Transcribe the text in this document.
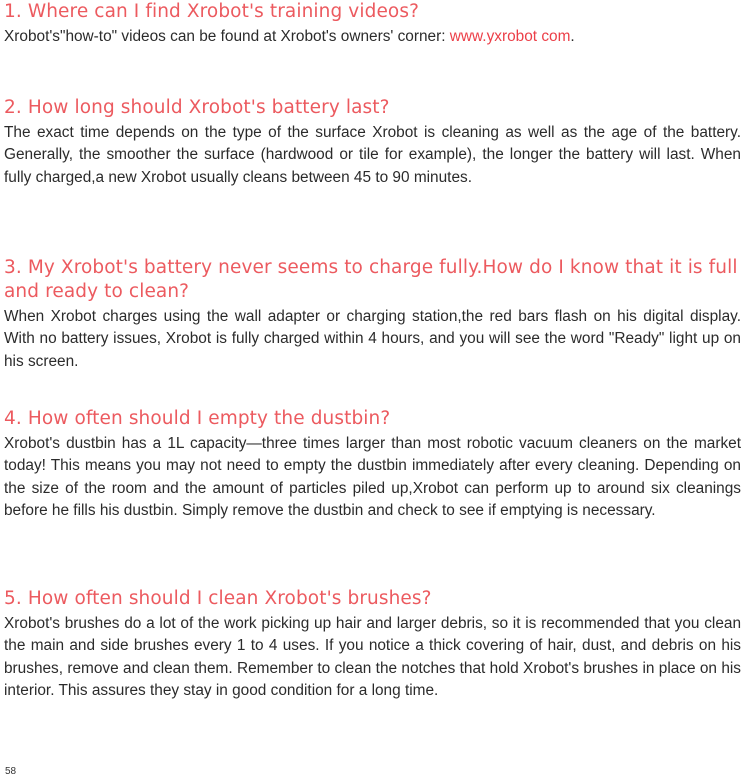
1. Where can I find Xrobot's training videos?

Xrobot's"how-to" videos can be found at Xrobot's owners' corner: www.yxrobot com.

2. How long should Xrobot's battery last?

The exact time depends on the type of the surface Xrobot is cleaning as well as the age of the battery. Generally, the smoother the surface (hardwood or tile for example), the longer the battery will last. When fully charged,a new Xrobot usually cleans between 45 to 90 minutes.

3. My Xrobot's battery never seems to charge fully.How do I know that it is full and ready to clean?

When Xrobot charges using the wall adapter or charging station,the red bars flash on his digital display. With no battery issues, Xrobot is fully charged within 4 hours, and you will see the word "Ready" light up on his screen.

4. How often should I empty the dustbin?

Xrobot's dustbin has a 1L capacity—three times larger than most robotic vacuum cleaners on the market today! This means you may not need to empty the dustbin immediately after every cleaning. Depending on the size of the room and the amount of particles piled up,Xrobot can perform up to around six cleanings before he fills his dustbin. Simply remove the dustbin and check to see if emptying is necessary.

5. How often should I clean Xrobot's brushes?

Xrobot's brushes do a lot of the work picking up hair and larger debris, so it is recommended that you clean the main and side brushes every 1 to 4 uses. If you notice a thick covering of hair, dust, and debris on his brushes, remove and clean them. Remember to clean the notches that hold Xrobot's brushes in place on his interior. This assures they stay in good condition for a long time.

58
